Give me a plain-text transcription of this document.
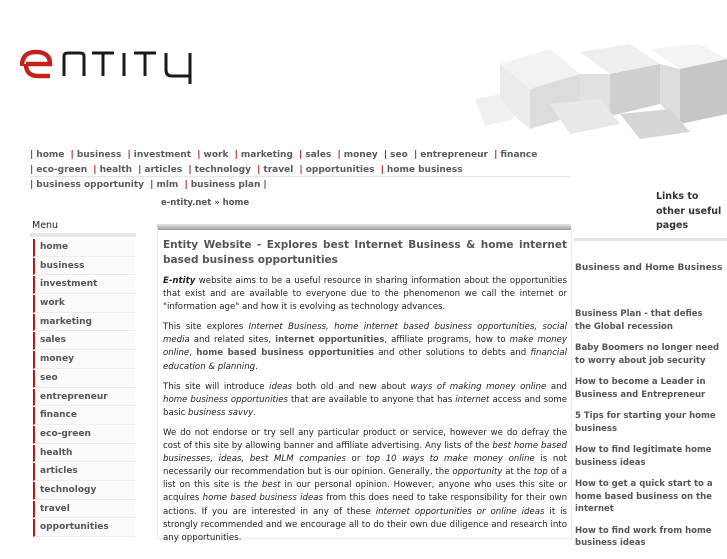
| home | business | investment | work | marketing | sales | money | seo | entrepreneur | finance | eco-green | health | articles | technology | travel | opportunities | home business | business opportunity | mlm | business plan |
e-ntity.net » home
Menu
home
business
investment
work
marketing
sales
money
seo
entrepreneur
finance
eco-green
health
articles
technology
travel
opportunities
Entity Website - Explores best Internet Business & home internet based business opportunities

E-ntity website aims to be a useful resource in sharing information about the opportunities that exist and are available to everyone due to the phenomenon we call the internet or "information age" and how it is evolving as technology advances.

This site explores Internet Business, home internet based business opportunities, social media and related sites, internet opportunities, affiliate programs, how to make money online, home based business opportunities and other solutions to debts and financial education & planning.

This site will introduce ideas both old and new about ways of making money online and home business opportunities that are available to anyone that has internet access and some basic business savvy.

We do not endorse or try sell any particular product or service, however we do defray the cost of this site by allowing banner and affiliate advertising. Any lists of the best home based businesses, ideas, best MLM companies or top 10 ways to make money online is not necessarily our recommendation but is our opinion. Generally, the opportunity at the top of a list on this site is the best in our personal opinion. However, anyone who uses this site or acquires home based business ideas from this does need to take responsibility for their own actions. If you are interested in any of these internet opportunities or online ideas it is strongly recommended and we encourage all to do their own due diligence and research into any opportunities.

Links to other useful pages
Business and Home Business
Business Plan - that defies the Global recession
Baby Boomers no longer need to worry about job security
How to become a Leader in Business and Entrepreneur
5 Tips for starting your home business
How to find legitimate home business ideas
How to get a quick start to a home based business on the internet
How to find work from home business ideas
